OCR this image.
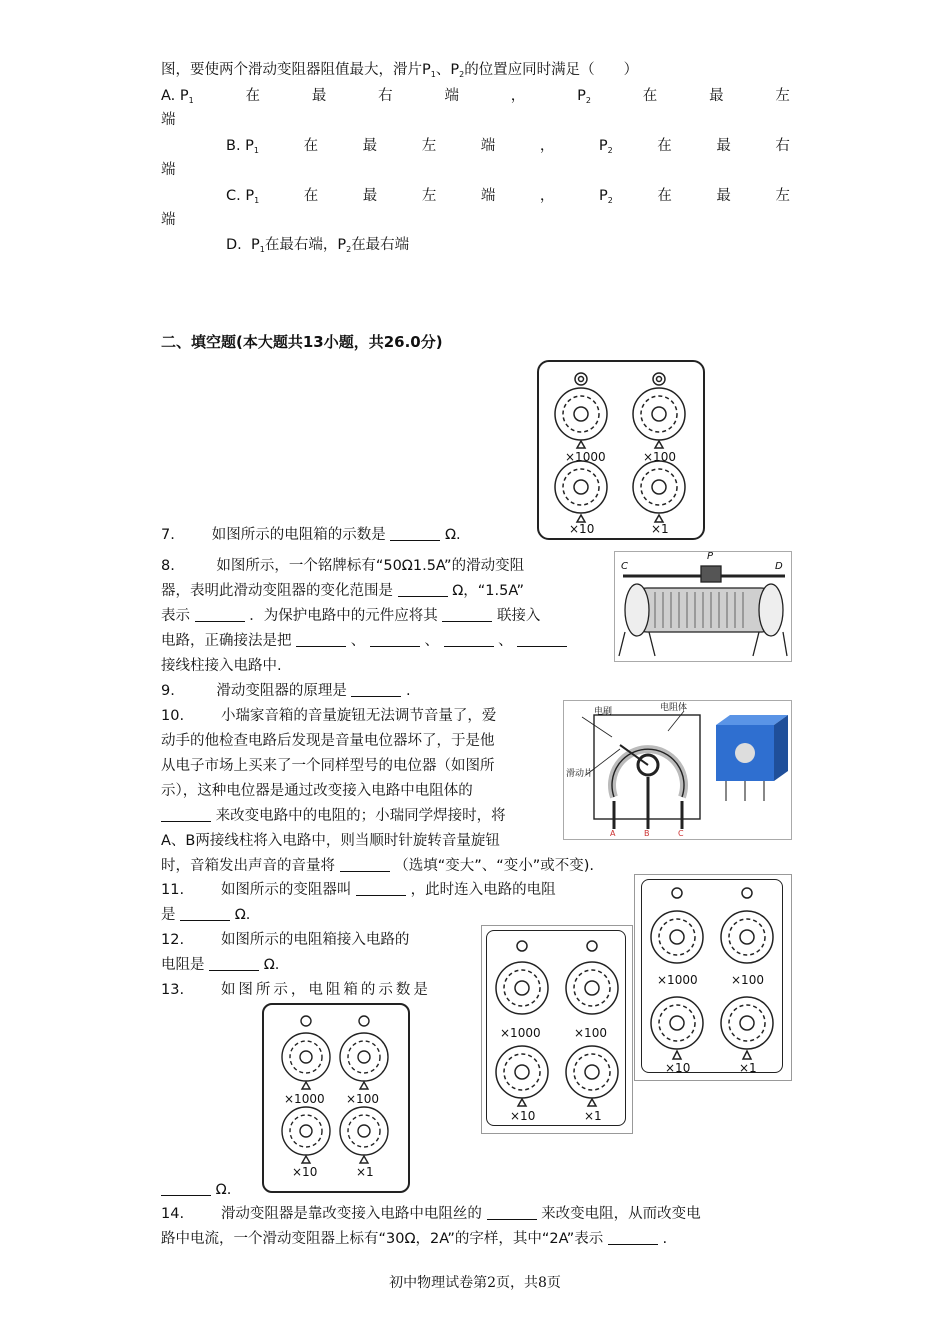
图，要使两个滑动变阻器阻值最大，滑片$P_1$、$P_2$的位置应同时满足（　　）
A. $P_1$	在	最	右	端	，	$P_2$	在	最	左
端
B. $P_1$	在	最	左	端	，	$P_2$	在	最	右
端
C. $P_1$	在	最	左	端	，	$P_2$	在	最	左
端
D. $P_1$在最右端，$P_2$在最右端
二、填空题(本大题共13小题，共26.0分)
×1000	×100
×10	×1
7.	如图所示的电阻箱的示数是	Ω.
C
P
D
8.	如图所示，一个铭牌标有“50Ω1.5A”的滑动变阻
器，表明此滑动变阻器的变化范围是	Ω，“1.5A”
表示	．为保护电路中的元件应将其	联接入
电路，正确接法是把	、	、	、
接线柱接入电路中.
9.	滑动变阻器的原理是	.
电刷	电阻体
滑动片
A	B	C
10.	小瑞家音箱的音量旋钮无法调节音量了，爱
动手的他检查电路后发现是音量电位器坏了，于是他
从电子市场上买来了一个同样型号的电位器（如图所
示），这种电位器是通过改变接入电路中电阻体的
来改变电路中的电阻的；小瑞同学焊接时，将
A、B两接线柱将入电路中，则当顺时针旋转音量旋钮
时，音箱发出声音的音量将	（选填“变大”、“变小”或不变).
×1000	×100
×10	×1
11.	如图所示的变阻器叫	，此时连入电路的电阻
是	Ω.
×1000	×100
×10	×1
12.	如图所示的电阻箱接入电路的
电阻是	Ω.
13.	如图所示，电阻箱的示数是
×1000 ×100
×10	×1
Ω.
14.	滑动变阻器是靠改变接入电路中电阻丝的	来改变电阻，从而改变电
路中电流，一个滑动变阻器上标有“30Ω，2A”的字样，其中“2A”表示	.
初中物理试卷第2页，共8页
